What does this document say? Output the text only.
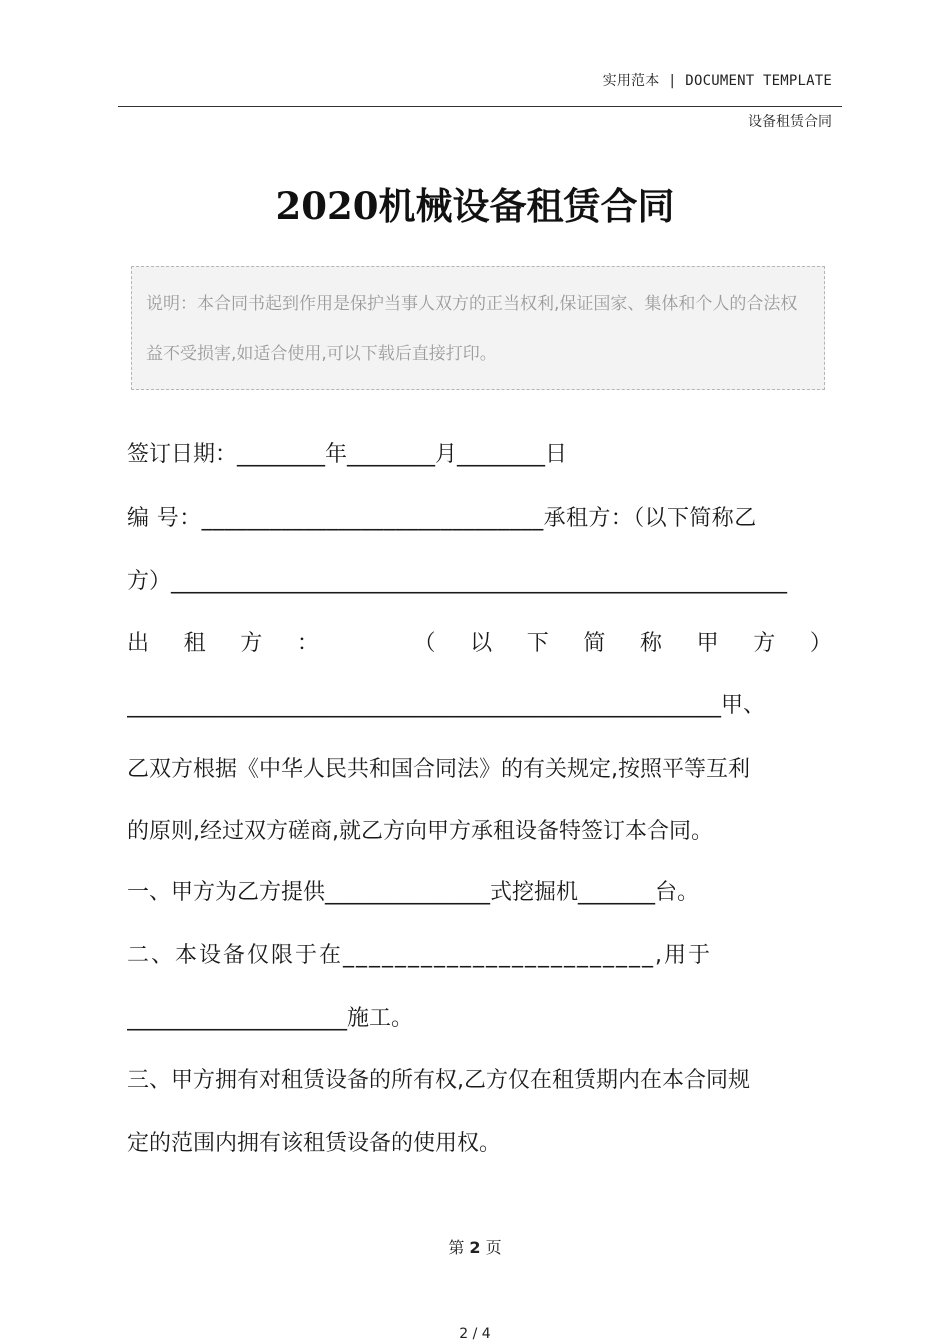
实用范本 | DOCUMENT TEMPLATE
设备租赁合同
2020机械设备租赁合同
说明：本合同书起到作用是保护当事人双方的正当权利,保证国家、集体和个人的合法权益不受损害,如适合使用,可以下载后直接打印。
签订日期：________年________月________日
编 号：______________________________承租方：（以下简称乙
方）________________________________________________________
出 租 方 ：	（ 以 下 简 称 甲 方 ）
______________________________________________________甲、
乙双方根据《中华人民共和国合同法》的有关规定,按照平等互利
的原则,经过双方磋商,就乙方向甲方承租设备特签订本合同。
一、甲方为乙方提供_______________式挖掘机_______台。
二、本设备仅限于在________________________,用于
____________________施工。
三、甲方拥有对租赁设备的所有权,乙方仅在租赁期内在本合同规
定的范围内拥有该租赁设备的使用权。
第 2 页
2 / 4
